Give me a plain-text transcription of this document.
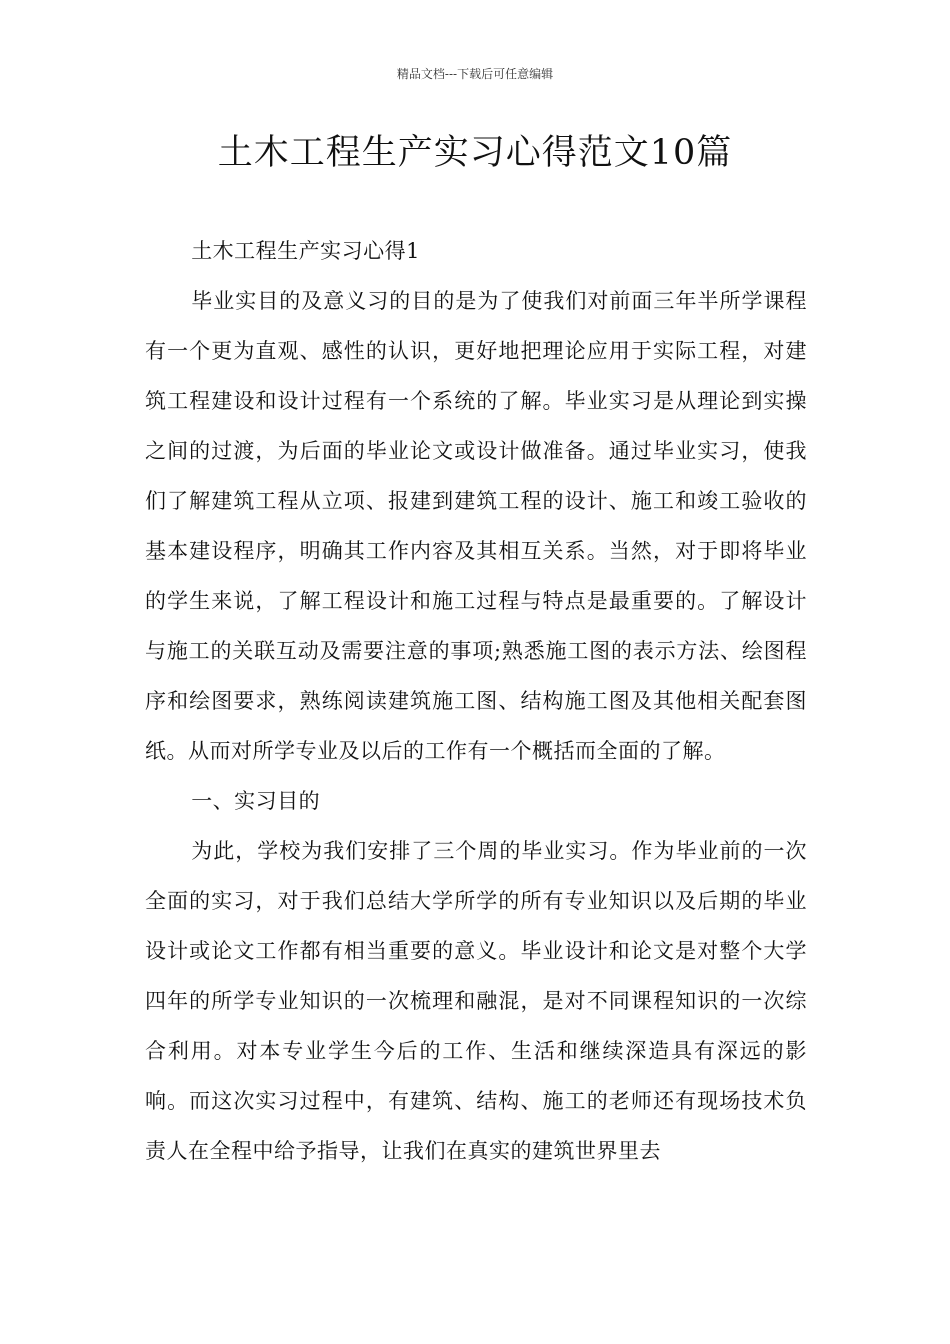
精品文档---下载后可任意编辑
土木工程生产实习心得范文10篇

土木工程生产实习心得1

毕业实目的及意义习的目的是为了使我们对前面三年半所学课程有一个更为直观、感性的认识，更好地把理论应用于实际工程，对建筑工程建设和设计过程有一个系统的了解。毕业实习是从理论到实操之间的过渡，为后面的毕业论文或设计做准备。通过毕业实习，使我们了解建筑工程从立项、报建到建筑工程的设计、施工和竣工验收的基本建设程序，明确其工作内容及其相互关系。当然，对于即将毕业的学生来说，了解工程设计和施工过程与特点是最重要的。了解设计与施工的关联互动及需要注意的事项;熟悉施工图的表示方法、绘图程序和绘图要求，熟练阅读建筑施工图、结构施工图及其他相关配套图纸。从而对所学专业及以后的工作有一个概括而全面的了解。

一、实习目的

为此，学校为我们安排了三个周的毕业实习。作为毕业前的一次全面的实习，对于我们总结大学所学的所有专业知识以及后期的毕业设计或论文工作都有相当重要的意义。毕业设计和论文是对整个大学四年的所学专业知识的一次梳理和融混，是对不同课程知识的一次综合利用。对本专业学生今后的工作、生活和继续深造具有深远的影响。而这次实习过程中，有建筑、结构、施工的老师还有现场技术负责人在全程中给予指导，让我们在真实的建筑世界里去
